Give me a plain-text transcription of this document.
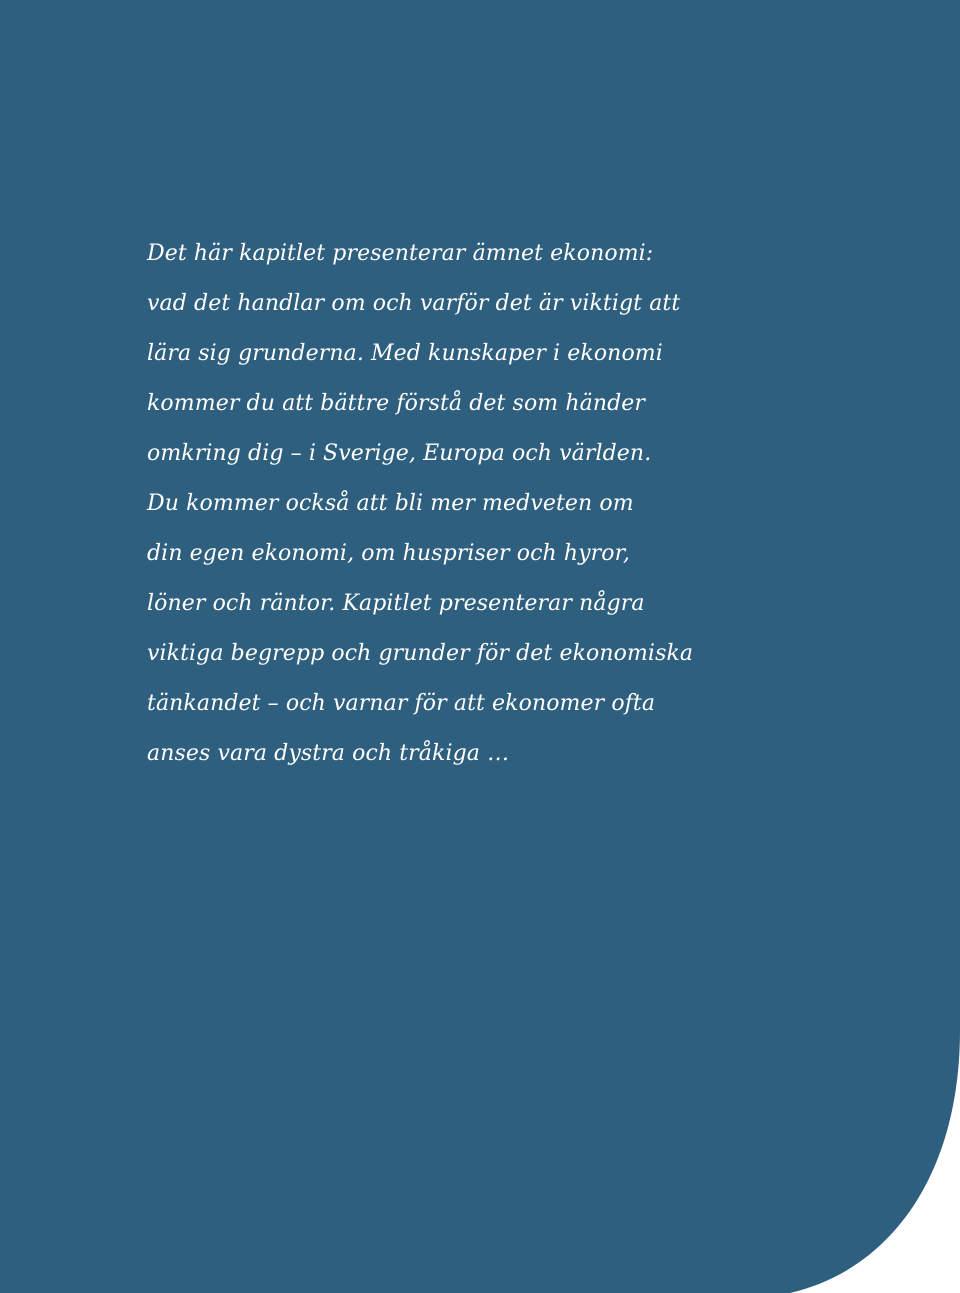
Det här kapitlet presenterar ämnet ekonomi:
vad det handlar om och varför det är viktigt att
lära sig grunderna. Med kunskaper i ekonomi
kommer du att bättre förstå det som händer
omkring dig – i Sverige, Europa och världen.
Du kommer också att bli mer medveten om
din egen ekonomi, om huspriser och hyror,
löner och räntor. Kapitlet presenterar några
viktiga begrepp och grunder för det ekonomiska
tänkandet – och varnar för att ekonomer ofta
anses vara dystra och tråkiga …
